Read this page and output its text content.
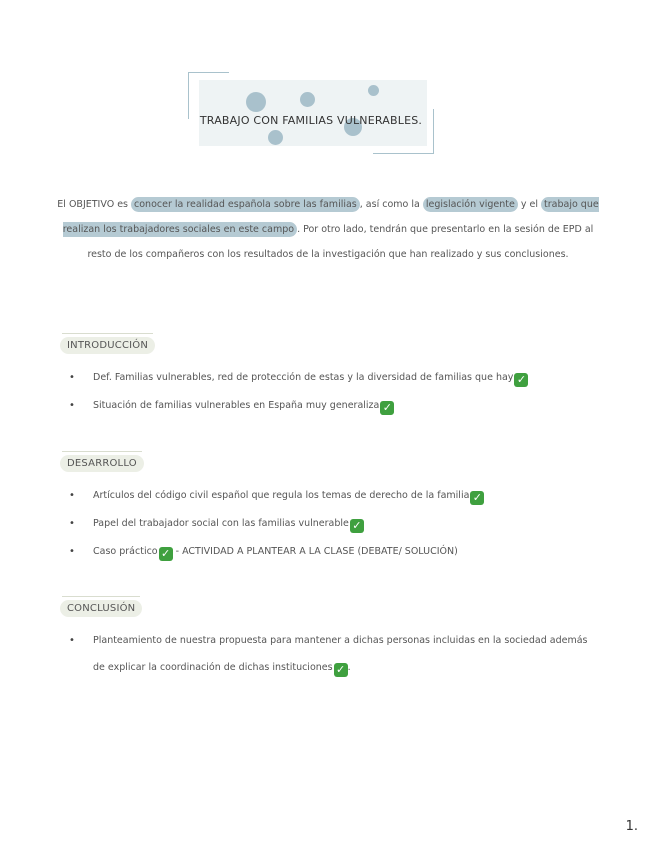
TRABAJO CON FAMILIAS VULNERABLES.

El OBJETIVO es conocer la realidad española sobre las familias , así como la legislación vigente y el trabajo que realizan los trabajadores sociales en este campo . Por otro lado, tendrán que presentarlo en la sesión de EPD al resto de los compañeros con los resultados de la investigación que han realizado y sus conclusiones.

INTRODUCCIÓN
• Def. Familias vulnerables, red de protección de estas y la diversidad de familias que hay ✓
• Situación de familias vulnerables en España muy generaliza ✓
DESARROLLO
• Artículos del código civil español que regula los temas de derecho de la familia ✓
• Papel del trabajador social con las familias vulnerable ✓
• Caso práctico ✓ - ACTIVIDAD A PLANTEAR A LA CLASE (DEBATE/ SOLUCIÓN)
CONCLUSIÓN
• Planteamiento de nuestra propuesta para mantener a dichas personas incluidas en la sociedad además de explicar la coordinación de dichas instituciones ✓ .
1.
